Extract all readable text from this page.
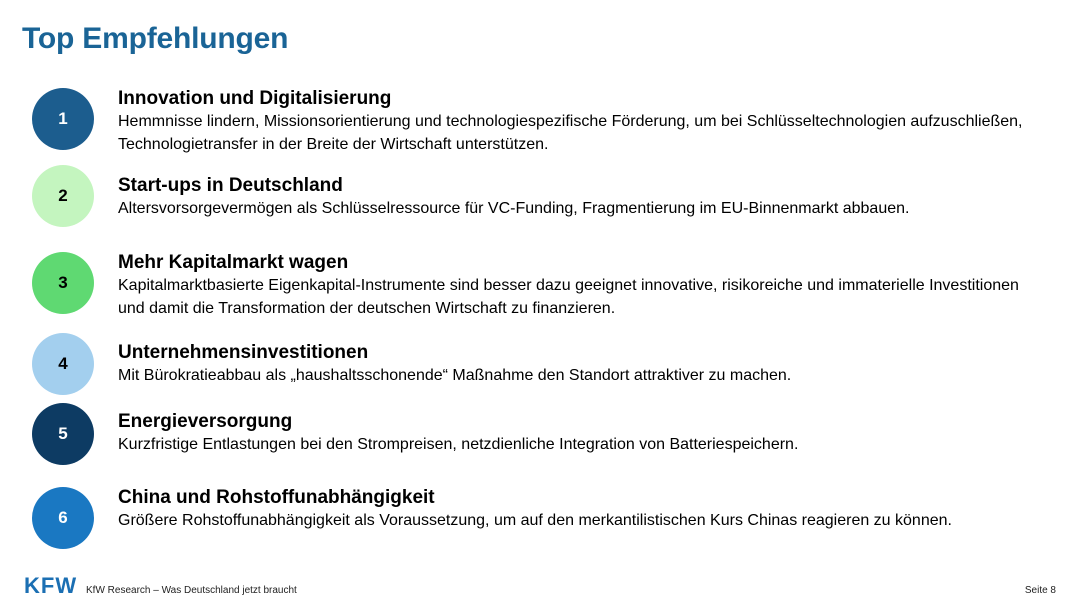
Top Empfehlungen
1
Innovation und Digitalisierung
Hemmnisse lindern, Missionsorientierung und technologiespezifische Förderung, um bei Schlüsseltechnologien aufzuschließen, Technologietransfer in der Breite der Wirtschaft unterstützen.
2	Start-ups in Deutschland
Altersvorsorgevermögen als Schlüsselressource für VC-Funding, Fragmentierung im EU-Binnenmarkt abbauen.
3
Mehr Kapitalmarkt wagen
Kapitalmarktbasierte Eigenkapital-Instrumente sind besser dazu geeignet innovative, risikoreiche und immaterielle Investitionen und damit die Transformation der deutschen Wirtschaft zu finanzieren.
4
Unternehmensinvestitionen
Mit Bürokratieabbau als „haushaltsschonende“ Maßnahme den Standort attraktiver zu machen.
5
Energieversorgung
Kurzfristige Entlastungen bei den Strompreisen, netzdienliche Integration von Batteriespeichern.
6
China und Rohstoffunabhängigkeit
Größere Rohstoffunabhängigkeit als Voraussetzung, um auf den merkantilistischen Kurs Chinas reagieren zu können.
KFW KfW Research – Was Deutschland jetzt braucht	Seite 8
